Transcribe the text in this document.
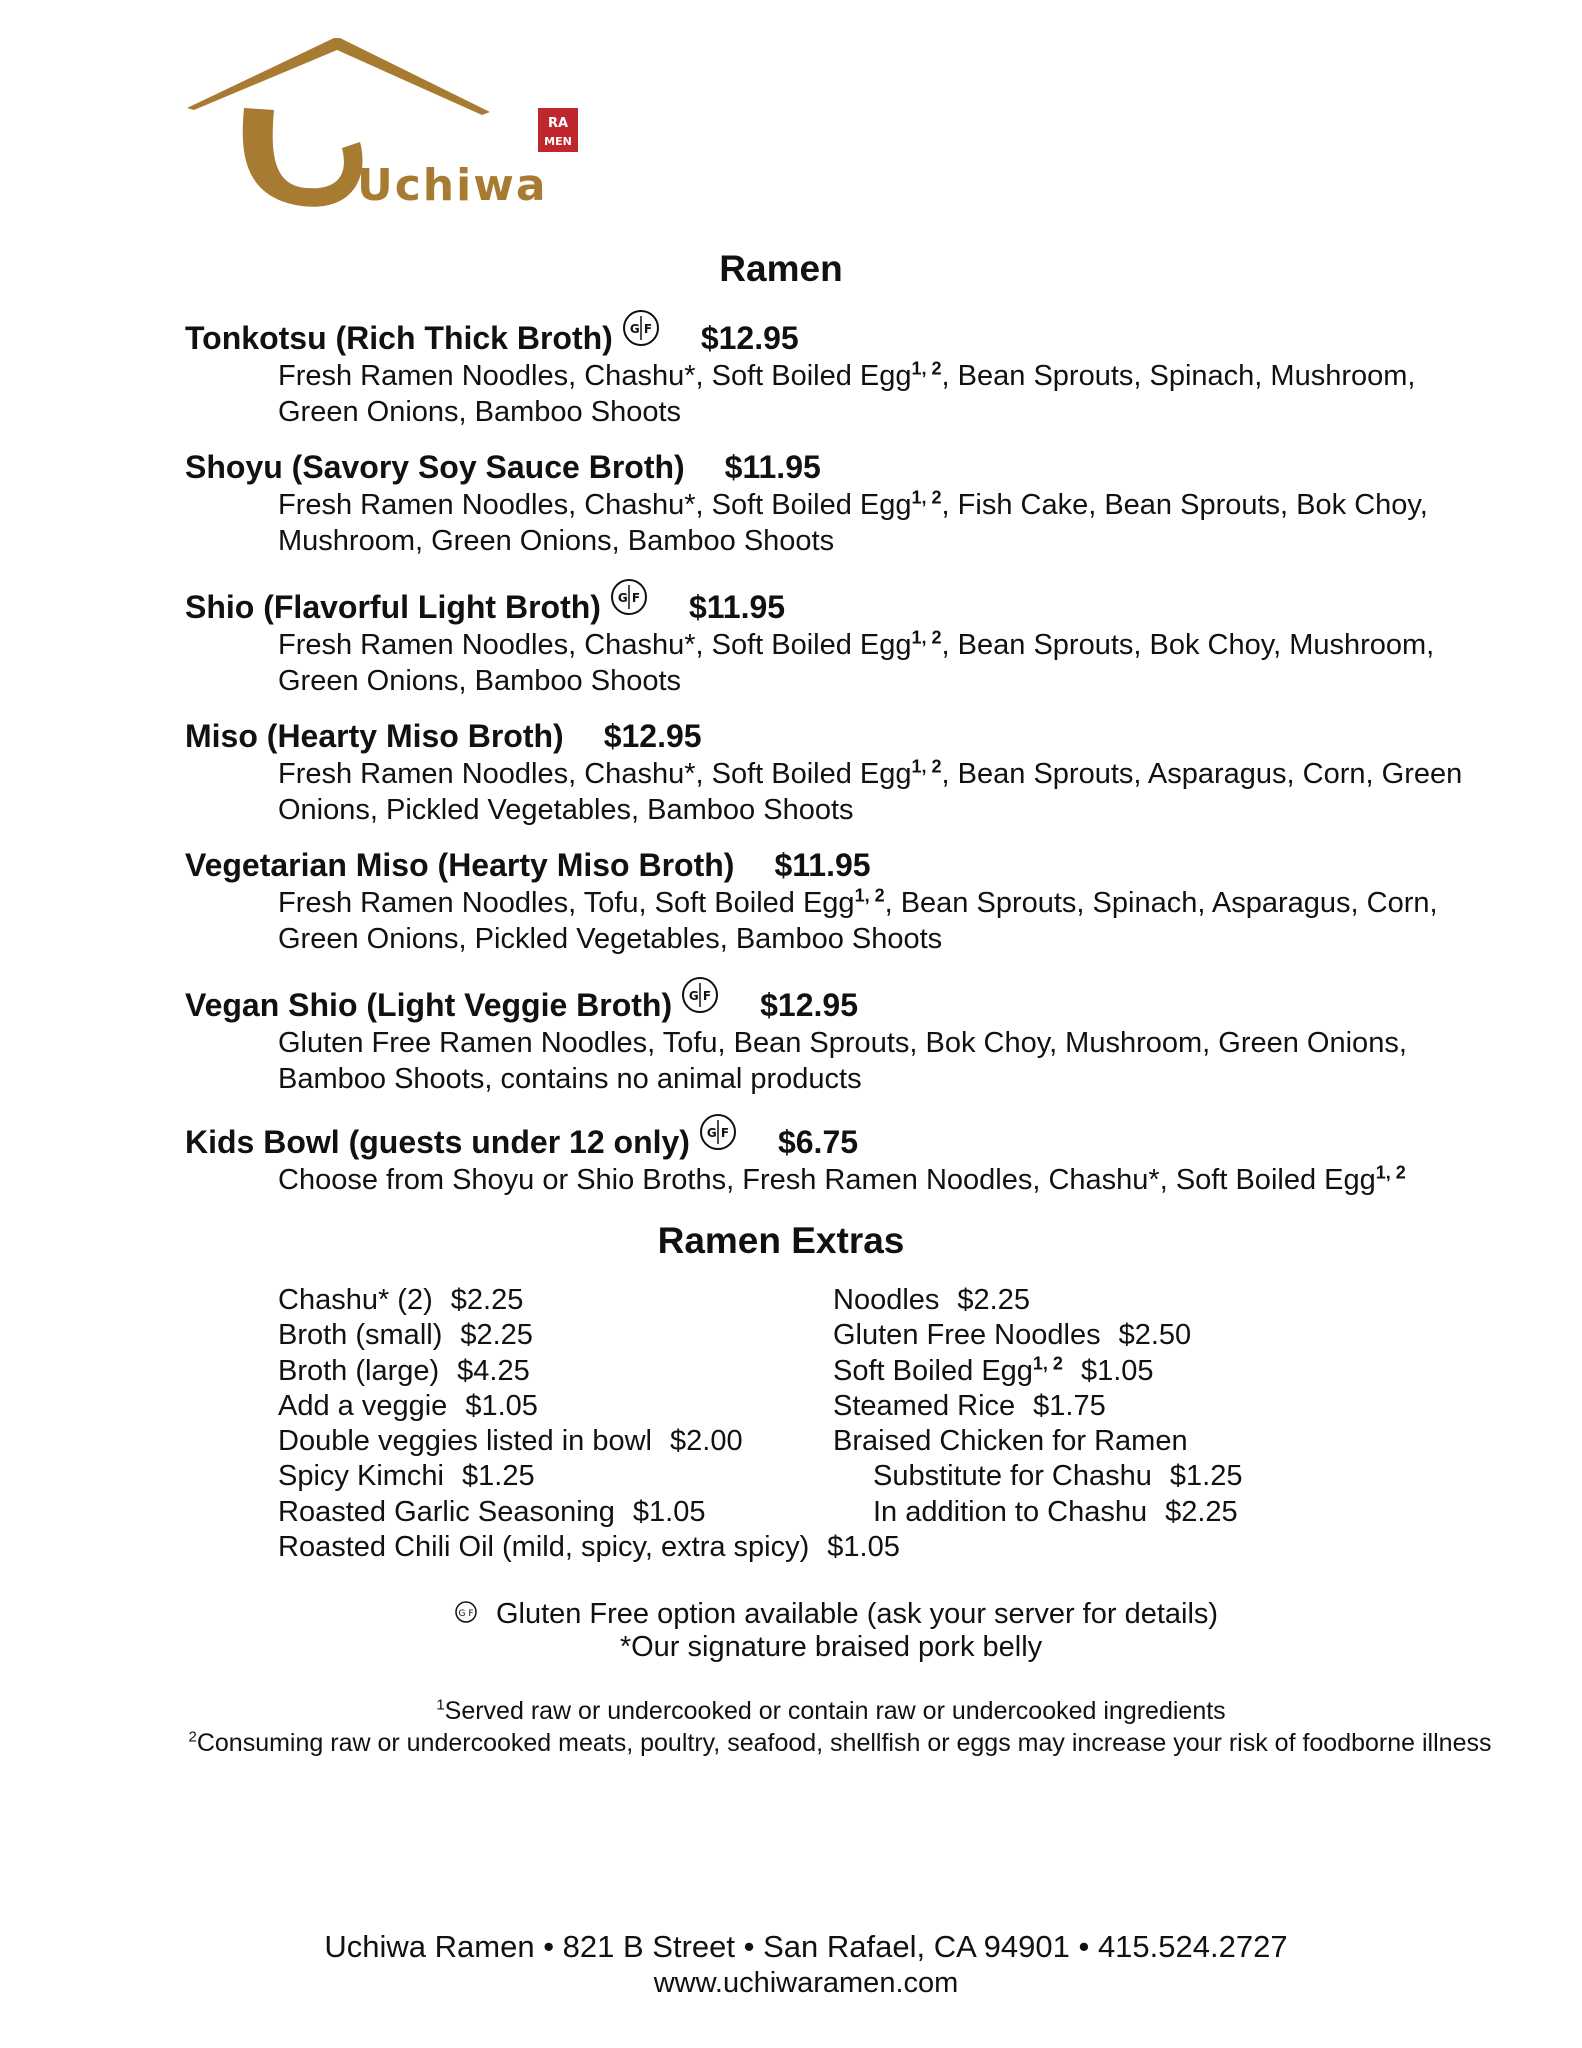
Uchiwa
RA
MEN
Ramen
Tonkotsu (Rich Thick Broth) G F $12.95
Fresh Ramen Noodles, Chashu*, Soft Boiled Egg$^{1, 2}$, Bean Sprouts, Spinach, Mushroom, Green Onions, Bamboo Shoots
Shoyu (Savory Soy Sauce Broth) $11.95
Fresh Ramen Noodles, Chashu*, Soft Boiled Egg$^{1, 2}$, Fish Cake, Bean Sprouts, Bok Choy, Mushroom, Green Onions, Bamboo Shoots
Shio (Flavorful Light Broth) G F $11.95
Fresh Ramen Noodles, Chashu*, Soft Boiled Egg$^{1, 2}$, Bean Sprouts, Bok Choy, Mushroom, Green Onions, Bamboo Shoots
Miso (Hearty Miso Broth) $12.95
Fresh Ramen Noodles, Chashu*, Soft Boiled Egg$^{1, 2}$, Bean Sprouts, Asparagus, Corn, Green Onions, Pickled Vegetables, Bamboo Shoots
Vegetarian Miso (Hearty Miso Broth) $11.95
Fresh Ramen Noodles, Tofu, Soft Boiled Egg$^{1, 2}$, Bean Sprouts, Spinach, Asparagus, Corn, Green Onions, Pickled Vegetables, Bamboo Shoots
Vegan Shio (Light Veggie Broth) G F $12.95
Gluten Free Ramen Noodles, Tofu, Bean Sprouts, Bok Choy, Mushroom, Green Onions, Bamboo Shoots, contains no animal products
Kids Bowl (guests under 12 only) G F $6.75
Choose from Shoyu or Shio Broths, Fresh Ramen Noodles, Chashu*, Soft Boiled Egg$^{1, 2}$
Ramen Extras
Chashu* (2) $2.25
Broth (small) $2.25
Broth (large) $4.25
Add a veggie $1.05
Double veggies listed in bowl $2.00
Spicy Kimchi $1.25
Roasted Garlic Seasoning $1.05
Roasted Chili Oil (mild, spicy, extra spicy) $1.05
Noodles $2.25
Gluten Free Noodles $2.50
Soft Boiled Egg$^{1, 2}$ $1.05
Steamed Rice $1.75
Braised Chicken for Ramen
Substitute for Chashu $1.25
In addition to Chashu $2.25
G F Gluten Free option available (ask your server for details)
*Our signature braised pork belly
$^1$Served raw or undercooked or contain raw or undercooked ingredients
$^2$Consuming raw or undercooked meats, poultry, seafood, shellfish or eggs may increase your risk of foodborne illness
Uchiwa Ramen • 821 B Street • San Rafael, CA 94901 • 415.524.2727
www.uchiwaramen.com
